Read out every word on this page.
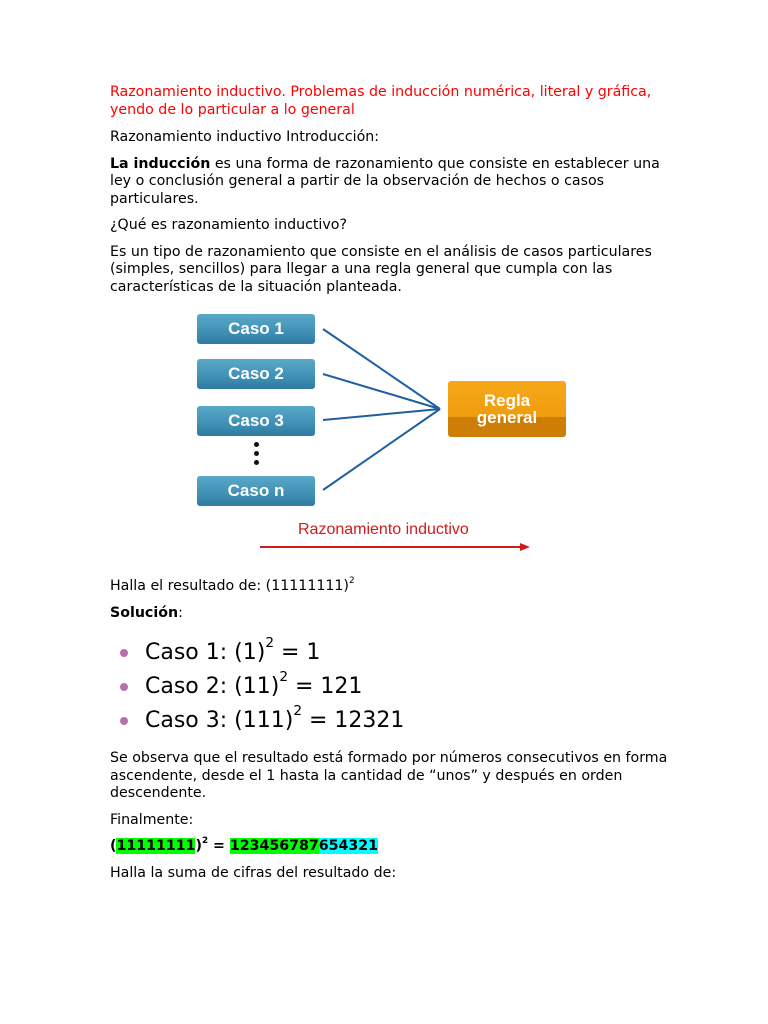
Razonamiento inductivo. Problemas de inducción numérica, literal y gráfica, yendo de lo particular a lo general

Razonamiento inductivo Introducción:

La inducción es una forma de razonamiento que consiste en establecer una ley o conclusión general a partir de la observación de hechos o casos particulares.

¿Qué es razonamiento inductivo?

Es un tipo de razonamiento que consiste en el análisis de casos particulares (simples, sencillos) para llegar a una regla general que cumpla con las características de la situación planteada.

Caso 1
Caso 2
Caso 3
Caso n
Regla
general
Razonamiento inductivo

Halla el resultado de: $(11111111)^2$

Solución:

Caso 1: $(1)^2 = 1$
Caso 2: $(11)^2 = 121$
Caso 3: $(111)^2 = 12321$

Se observa que el resultado está formado por números consecutivos en forma ascendente, desde el 1 hasta la cantidad de “unos” y después en orden descendente.

Finalmente:

$(11111111)^2 = 123456787654321$

Halla la suma de cifras del resultado de:
